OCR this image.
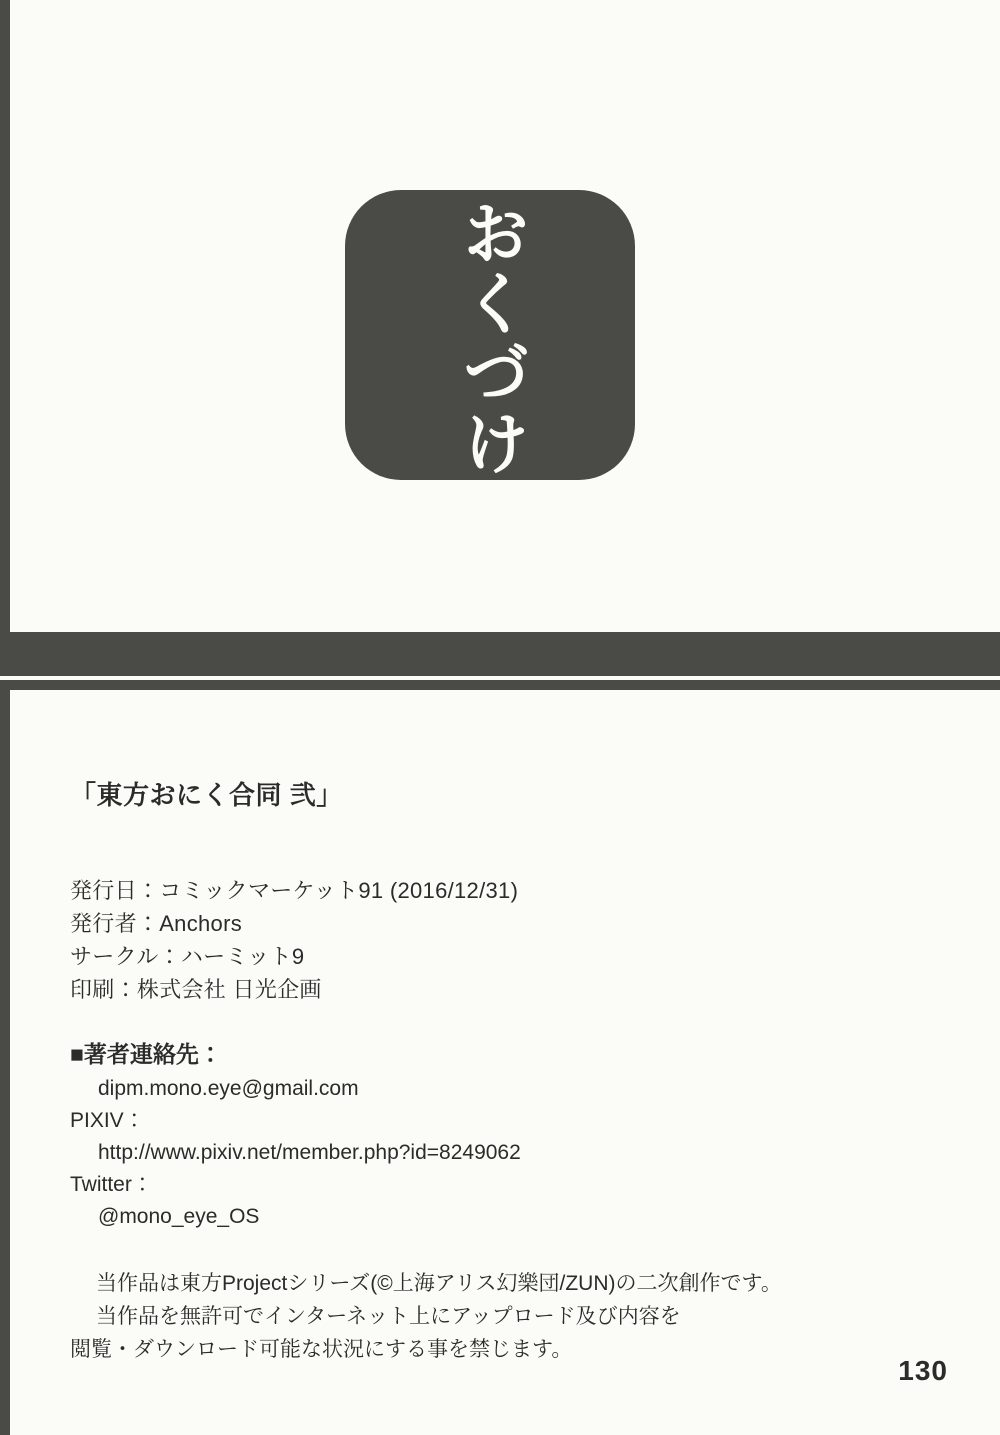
おくづけ
「東方おにく合同 弐」

発行日：コミックマーケット91 (2016/12/31)

発行者：Anchors

サークル：ハーミット9

印刷：株式会社 日光企画

■著者連絡先：

dipm.mono.eye@gmail.com

PIXIV：

http://www.pixiv.net/member.php?id=8249062

Twitter：

@mono_eye_OS

当作品は東方Projectシリーズ(©上海アリス幻樂団/ZUN)の二次創作です。

当作品を無許可でインターネット上にアップロード及び内容を

閲覧・ダウンロード可能な状況にする事を禁じます。

130
